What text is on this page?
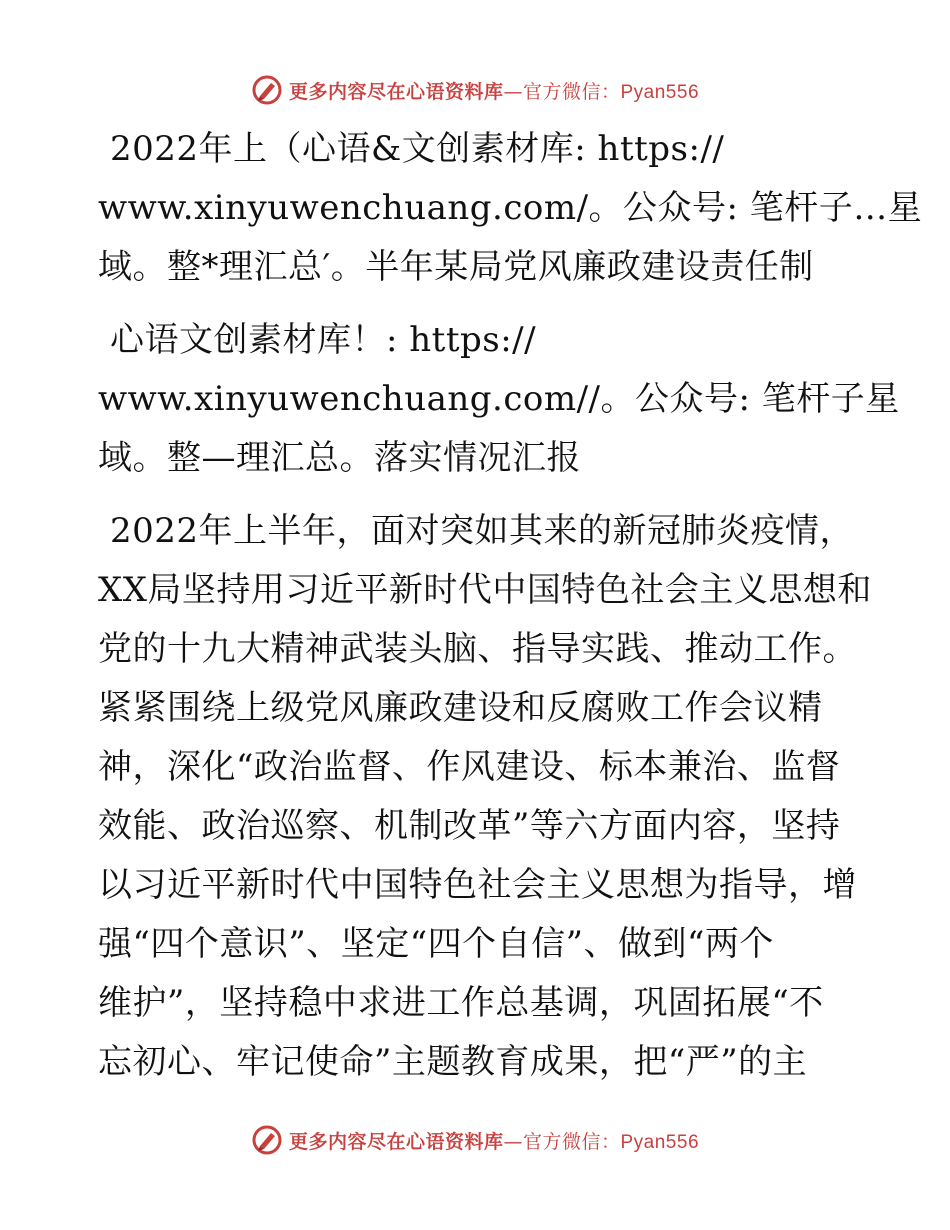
更多内容尽在心语资料库—官方微信：Pyan556
2022年上（心语&文创素材库: https://
www.xinyuwenchuang.com/。公众号: 笔杆子…星
域。整*理汇总′。半年某局党风廉政建设责任制
心语文创素材库！: https://
www.xinyuwenchuang.com//。公众号: 笔杆子星
域。整—理汇总。落实情况汇报
2022年上半年，面对突如其来的新冠肺炎疫情，
XX局坚持用习近平新时代中国特色社会主义思想和
党的十九大精神武装头脑、指导实践、推动工作。
紧紧围绕上级党风廉政建设和反腐败工作会议精
神，深化“政治监督、作风建设、标本兼治、监督
效能、政治巡察、机制改革”等六方面内容，坚持
以习近平新时代中国特色社会主义思想为指导，增
强“四个意识”、坚定“四个自信”、做到“两个
维护”，坚持稳中求进工作总基调，巩固拓展“不
忘初心、牢记使命”主题教育成果，把“严”的主
更多内容尽在心语资料库—官方微信：Pyan556
